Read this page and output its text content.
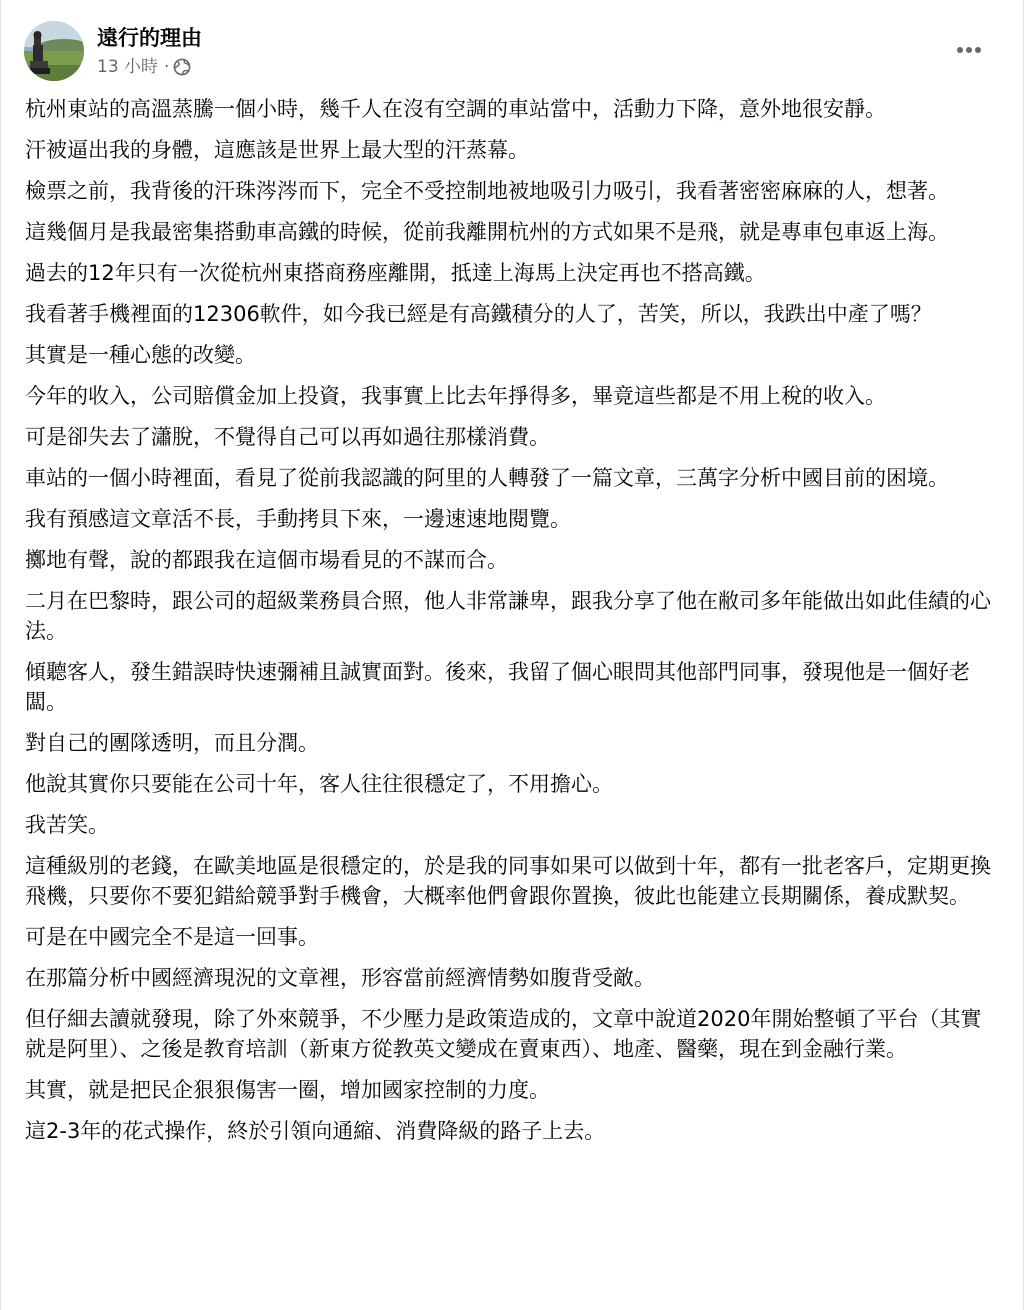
遠行的理由
13 小時 ·

杭州東站的高溫蒸騰一個小時，幾千人在沒有空調的車站當中，活動力下降，意外地很安靜。

汗被逼出我的身體，這應該是世界上最大型的汗蒸幕。

檢票之前，我背後的汗珠涔涔而下，完全不受控制地被地吸引力吸引，我看著密密麻麻的人，想著。

這幾個月是我最密集搭動車高鐵的時候，從前我離開杭州的方式如果不是飛，就是專車包車返上海。

過去的12年只有一次從杭州東搭商務座離開，抵達上海馬上決定再也不搭高鐵。

我看著手機裡面的12306軟件，如今我已經是有高鐵積分的人了，苦笑，所以，我跌出中產了嗎？

其實是一種心態的改變。

今年的收入，公司賠償金加上投資，我事實上比去年掙得多，畢竟這些都是不用上稅的收入。

可是卻失去了瀟脫，不覺得自己可以再如過往那樣消費。

車站的一個小時裡面，看見了從前我認識的阿里的人轉發了一篇文章，三萬字分析中國目前的困境。

我有預感這文章活不長，手動拷貝下來，一邊速速地閱覽。

擲地有聲，說的都跟我在這個市場看見的不謀而合。

二月在巴黎時，跟公司的超級業務員合照，他人非常謙卑，跟我分享了他在敝司多年能做出如此佳績的心法。

傾聽客人，發生錯誤時快速彌補且誠實面對。後來，我留了個心眼問其他部門同事，發現他是一個好老闆。

對自己的團隊透明，而且分潤。

他說其實你只要能在公司十年，客人往往很穩定了，不用擔心。

我苦笑。

這種級別的老錢，在歐美地區是很穩定的，於是我的同事如果可以做到十年，都有一批老客戶，定期更換飛機，只要你不要犯錯給競爭對手機會，大概率他們會跟你置換，彼此也能建立長期關係，養成默契。

可是在中國完全不是這一回事。

在那篇分析中國經濟現況的文章裡，形容當前經濟情勢如腹背受敵。

但仔細去讀就發現，除了外來競爭，不少壓力是政策造成的，文章中說道2020年開始整頓了平台（其實就是阿里）、之後是教育培訓（新東方從教英文變成在賣東西）、地產、醫藥，現在到金融行業。

其實，就是把民企狠狠傷害一圈，增加國家控制的力度。

這2-3年的花式操作，終於引領向通縮、消費降級的路子上去。
